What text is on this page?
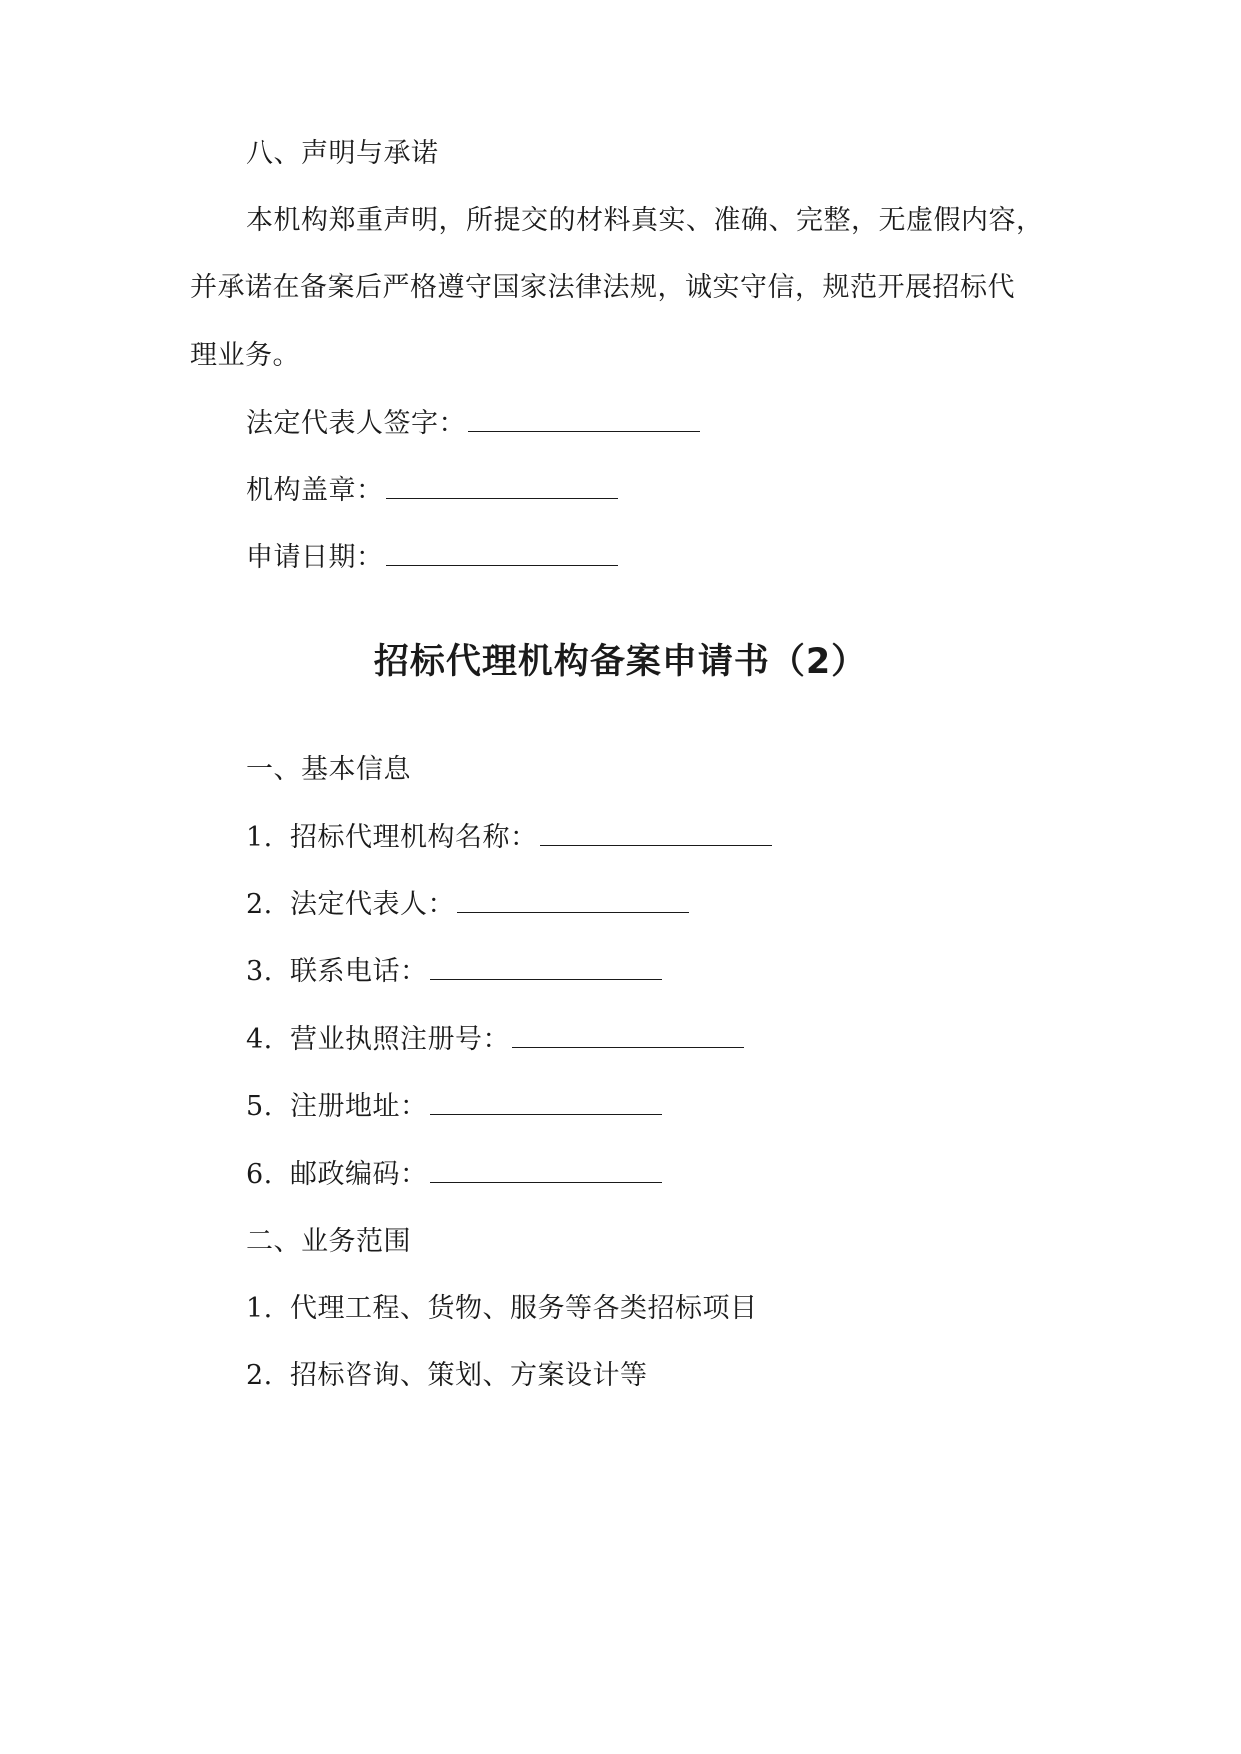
八、声明与承诺
本机构郑重声明，所提交的材料真实、准确、完整，无虚假内容，
并承诺在备案后严格遵守国家法律法规，诚实守信，规范开展招标代
理业务。
法定代表人签字：
机构盖章：
申请日期：
招标代理机构备案申请书（2）
一、基本信息
1. 招标代理机构名称：
2. 法定代表人：
3. 联系电话：
4. 营业执照注册号：
5. 注册地址：
6. 邮政编码：
二、业务范围
1. 代理工程、货物、服务等各类招标项目
2. 招标咨询、策划、方案设计等
